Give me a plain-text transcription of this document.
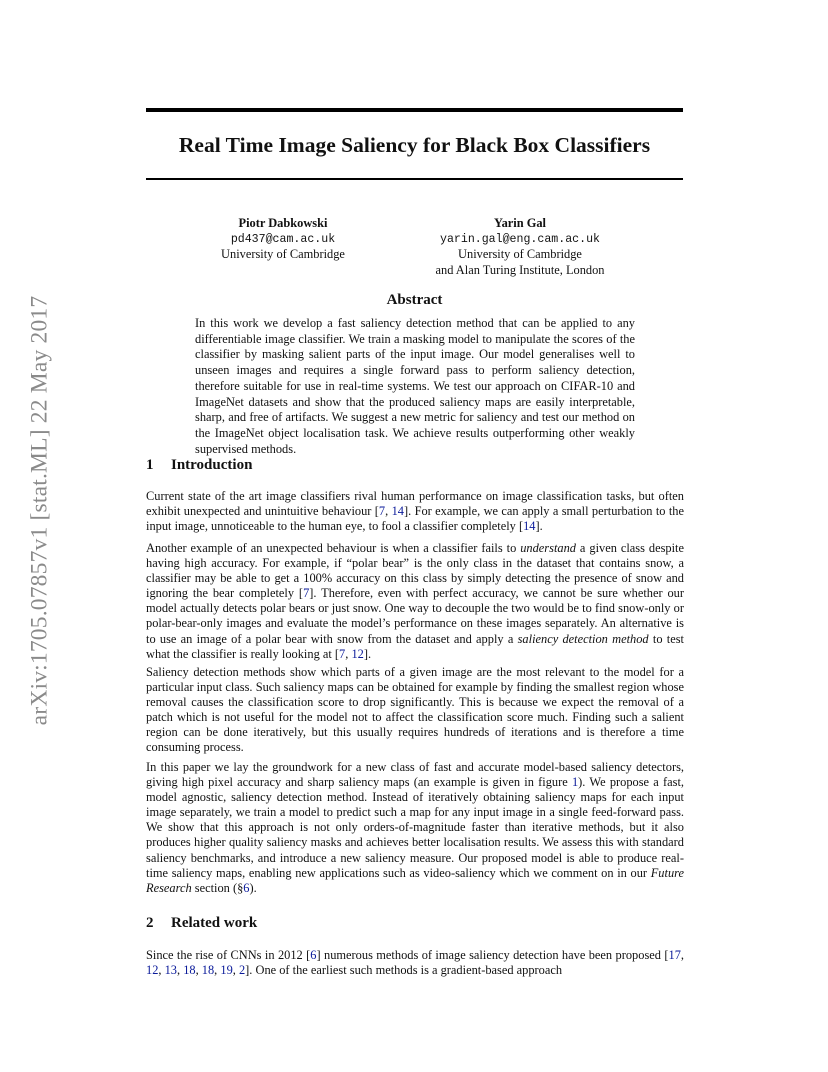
arXiv:1705.07857v1 [stat.ML] 22 May 2017
Real Time Image Saliency for Black Box Classifiers
Piotr Dabkowski
pd437@cam.ac.uk
University of Cambridge
Yarin Gal
yarin.gal@eng.cam.ac.uk
University of Cambridge
and Alan Turing Institute, London
Abstract

In this work we develop a fast saliency detection method that can be applied to any differentiable image classifier. We train a masking model to manipulate the scores of the classifier by masking salient parts of the input image. Our model generalises well to unseen images and requires a single forward pass to perform saliency detection, therefore suitable for use in real-time systems. We test our approach on CIFAR-10 and ImageNet datasets and show that the produced saliency maps are easily interpretable, sharp, and free of artifacts. We suggest a new metric for saliency and test our method on the ImageNet object localisation task. We achieve results outperforming other weakly supervised methods.

1 Introduction

Current state of the art image classifiers rival human performance on image classification tasks, but often exhibit unexpected and unintuitive behaviour [7, 14]. For example, we can apply a small perturbation to the input image, unnoticeable to the human eye, to fool a classifier completely [14].

Another example of an unexpected behaviour is when a classifier fails to understand a given class despite having high accuracy. For example, if “polar bear” is the only class in the dataset that contains snow, a classifier may be able to get a 100% accuracy on this class by simply detecting the presence of snow and ignoring the bear completely [7]. Therefore, even with perfect accuracy, we cannot be sure whether our model actually detects polar bears or just snow. One way to decouple the two would be to find snow-only or polar-bear-only images and evaluate the model’s performance on these images separately. An alternative is to use an image of a polar bear with snow from the dataset and apply a saliency detection method to test what the classifier is really looking at [7, 12].

Saliency detection methods show which parts of a given image are the most relevant to the model for a particular input class. Such saliency maps can be obtained for example by finding the smallest region whose removal causes the classification score to drop significantly. This is because we expect the removal of a patch which is not useful for the model not to affect the classification score much. Finding such a salient region can be done iteratively, but this usually requires hundreds of iterations and is therefore a time consuming process.

In this paper we lay the groundwork for a new class of fast and accurate model-based saliency detectors, giving high pixel accuracy and sharp saliency maps (an example is given in figure 1). We propose a fast, model agnostic, saliency detection method. Instead of iteratively obtaining saliency maps for each input image separately, we train a model to predict such a map for any input image in a single feed-forward pass. We show that this approach is not only orders-of-magnitude faster than iterative methods, but it also produces higher quality saliency masks and achieves better localisation results. We assess this with standard saliency benchmarks, and introduce a new saliency measure. Our proposed model is able to produce real-time saliency maps, enabling new applications such as video-saliency which we comment on in our Future Research section (§6).

2 Related work

Since the rise of CNNs in 2012 [6] numerous methods of image saliency detection have been proposed [17, 12, 13, 18, 18, 19, 2]. One of the earliest such methods is a gradient-based approach
